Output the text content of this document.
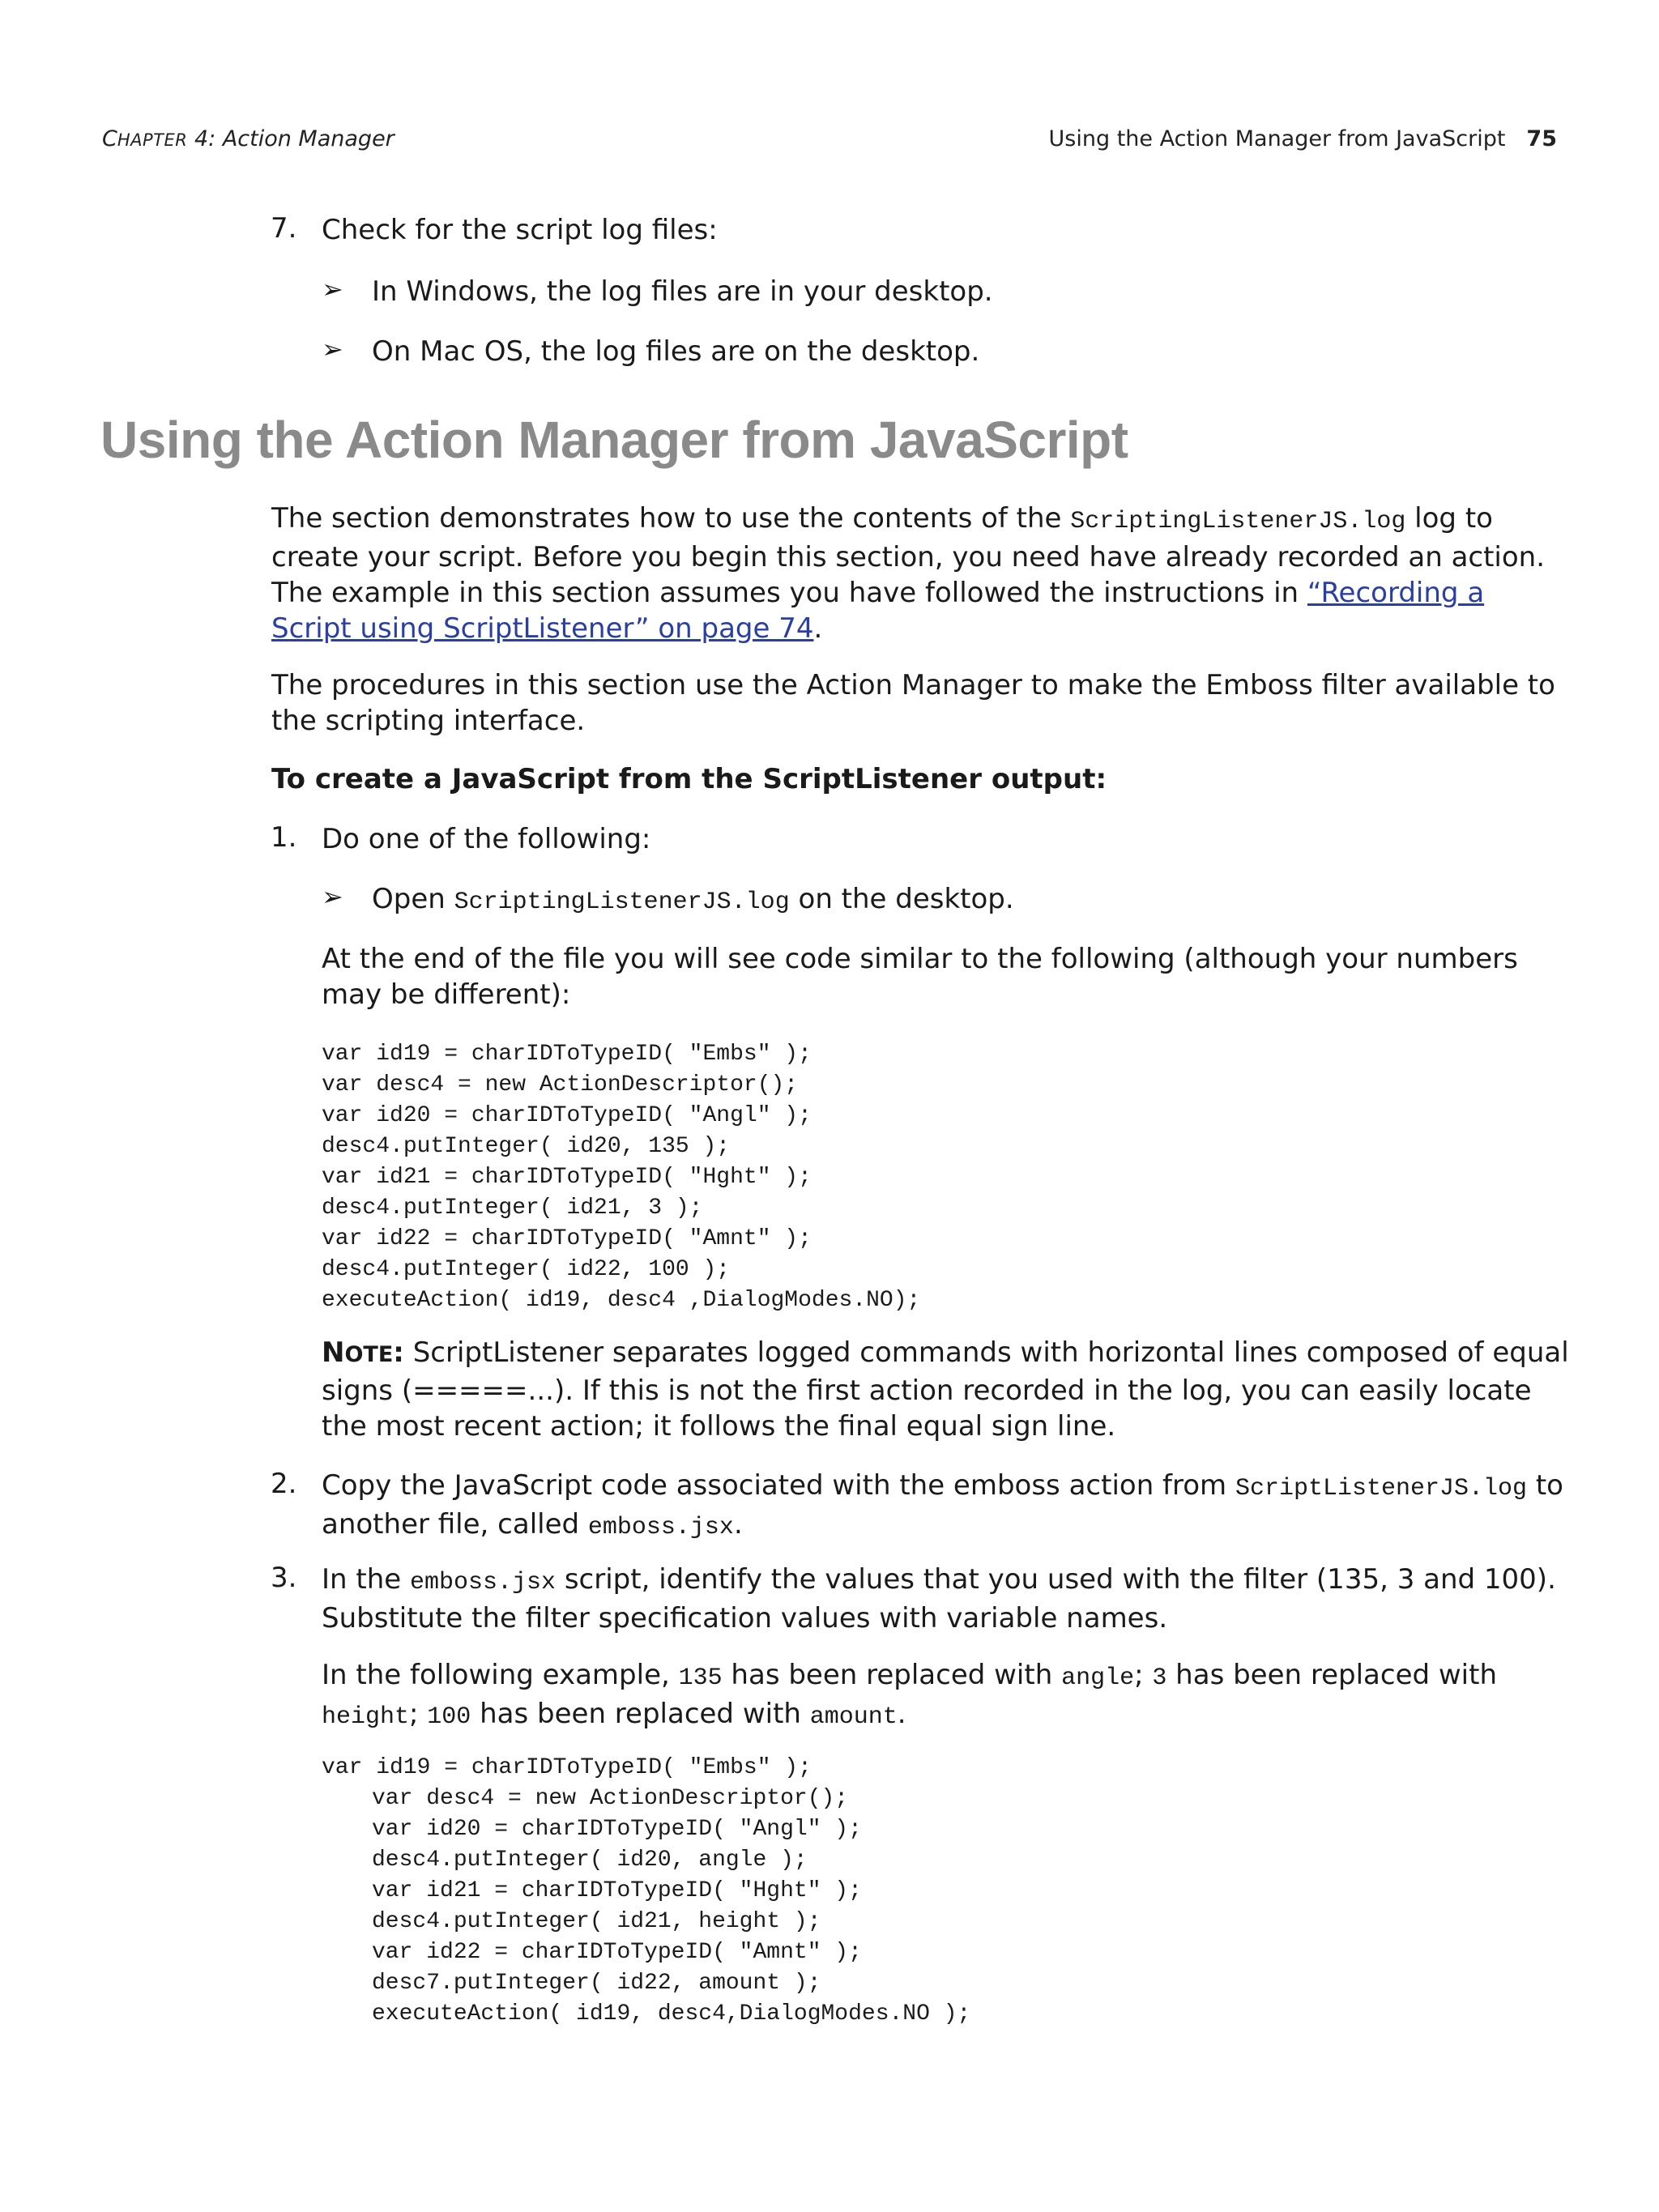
CHAPTER 4: Action Manager	Using the Action Manager from JavaScript 75
7. Check for the script log files:
➢ In Windows, the log files are in your desktop.
➢ On Mac OS, the log files are on the desktop.
Using the Action Manager from JavaScript
The section demonstrates how to use the contents of the ScriptingListenerJS.log log to create your script. Before you begin this section, you need have already recorded an action. The example in this section assumes you have followed the instructions in “Recording a Script using ScriptListener” on page 74.
The procedures in this section use the Action Manager to make the Emboss filter available to the scripting interface.
To create a JavaScript from the ScriptListener output:
1. Do one of the following:
➢ Open ScriptingListenerJS.log on the desktop.
At the end of the file you will see code similar to the following (although your numbers may be different):
var id19 = charIDToTypeID( "Embs" );
var desc4 = new ActionDescriptor();
var id20 = charIDToTypeID( "Angl" );
desc4.putInteger( id20, 135 );
var id21 = charIDToTypeID( "Hght" );
desc4.putInteger( id21, 3 );
var id22 = charIDToTypeID( "Amnt" );
desc4.putInteger( id22, 100 );
executeAction( id19, desc4 ,DialogModes.NO);
NOTE: ScriptListener separates logged commands with horizontal lines composed of equal signs (=====...). If this is not the first action recorded in the log, you can easily locate the most recent action; it follows the final equal sign line.
2. Copy the JavaScript code associated with the emboss action from ScriptListenerJS.log to another file, called emboss.jsx.
3. In the emboss.jsx script, identify the values that you used with the filter (135, 3 and 100). Substitute the filter specification values with variable names.
In the following example, 135 has been replaced with angle; 3 has been replaced with height; 100 has been replaced with amount.
var id19 = charIDToTypeID( "Embs" );
var desc4 = new ActionDescriptor();
var id20 = charIDToTypeID( "Angl" );
desc4.putInteger( id20, angle );
var id21 = charIDToTypeID( "Hght" );
desc4.putInteger( id21, height );
var id22 = charIDToTypeID( "Amnt" );
desc7.putInteger( id22, amount );
executeAction( id19, desc4,DialogModes.NO );
